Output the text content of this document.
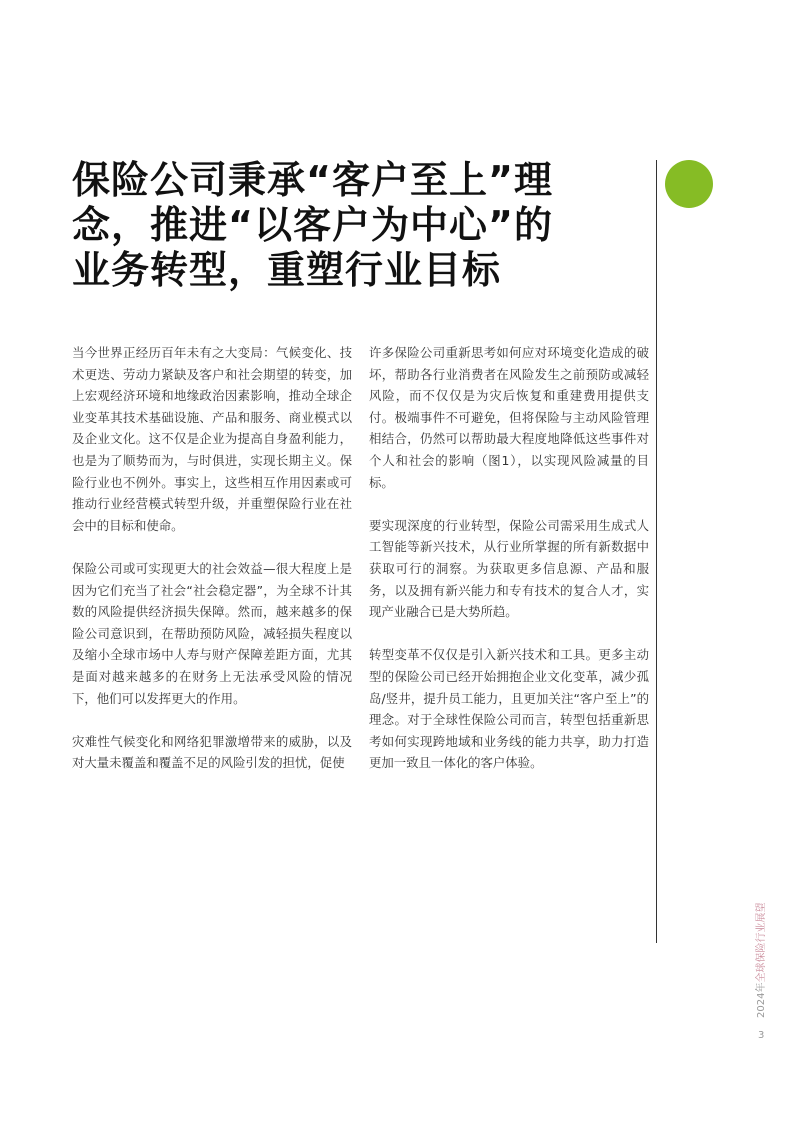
保险公司秉承“客户至上”理念，推进“以客户为中心”的业务转型，重塑行业目标

当今世界正经历百年未有之大变局：气候变化、技术更迭、劳动力紧缺及客户和社会期望的转变，加上宏观经济环境和地缘政治因素影响，推动全球企业变革其技术基础设施、产品和服务、商业模式以及企业文化。这不仅是企业为提高自身盈利能力，也是为了顺势而为，与时俱进，实现长期主义。保险行业也不例外。事实上，这些相互作用因素或可推动行业经营模式转型升级，并重塑保险行业在社会中的目标和使命。

保险公司或可实现更大的社会效益—很大程度上是因为它们充当了社会“社会稳定器”，为全球不计其数的风险提供经济损失保障。然而，越来越多的保险公司意识到，在帮助预防风险，减轻损失程度以及缩小全球市场中人寿与财产保障差距方面，尤其是面对越来越多的在财务上无法承受风险的情况下，他们可以发挥更大的作用。

灾难性气候变化和网络犯罪激增带来的威胁，以及对大量未覆盖和覆盖不足的风险引发的担忧，促使

许多保险公司重新思考如何应对环境变化造成的破坏，帮助各行业消费者在风险发生之前预防或减轻风险，而不仅仅是为灾后恢复和重建费用提供支付。极端事件不可避免，但将保险与主动风险管理相结合，仍然可以帮助最大程度地降低这些事件对个人和社会的影响（图1），以实现风险减量的目标。

要实现深度的行业转型，保险公司需采用生成式人工智能等新兴技术，从行业所掌握的所有新数据中获取可行的洞察。为获取更多信息源、产品和服务，以及拥有新兴能力和专有技术的复合人才，实现产业融合已是大势所趋。

转型变革不仅仅是引入新兴技术和工具。更多主动型的保险公司已经开始拥抱企业文化变革，减少孤岛/竖井，提升员工能力，且更加关注“客户至上”的理念。对于全球性保险公司而言，转型包括重新思考如何实现跨地域和业务线的能力共享，助力打造更加一致且一体化的客户体验。

2024年全球保险行业展望
3
